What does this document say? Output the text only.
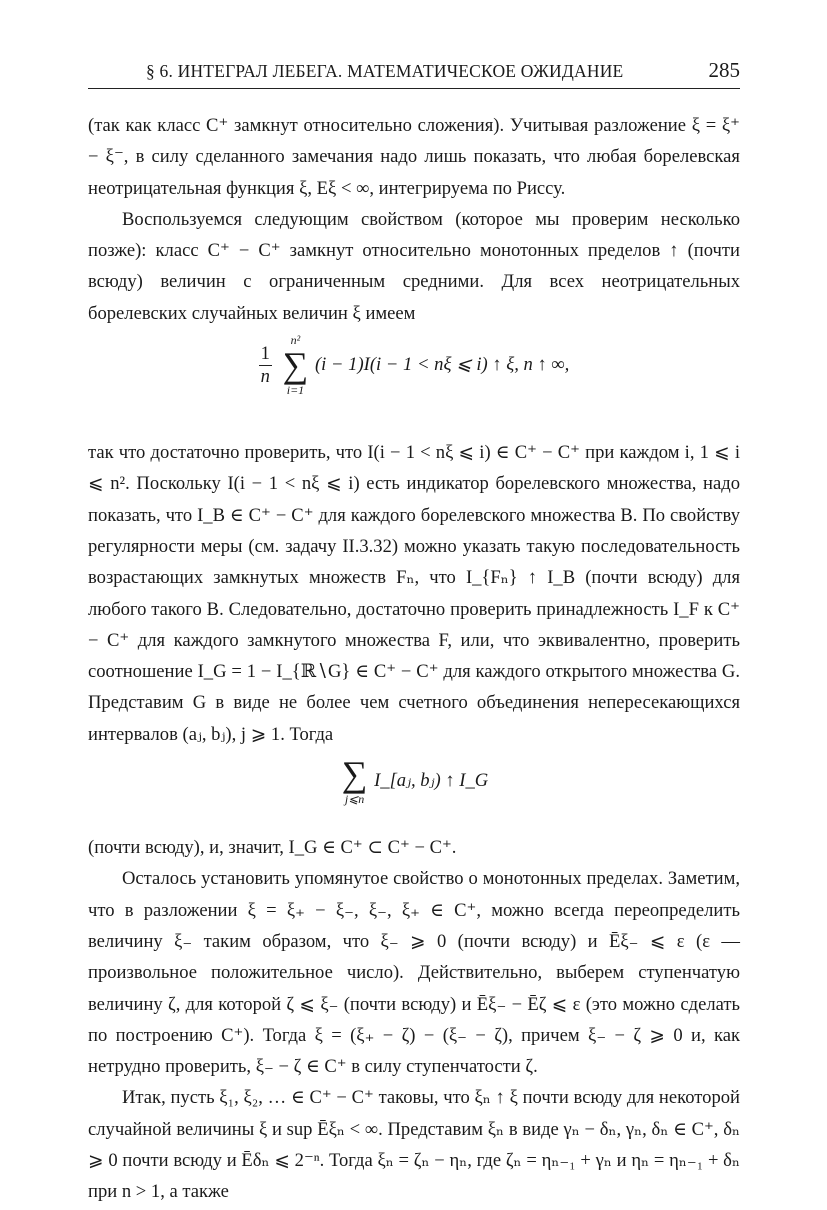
§ 6. ИНТЕГРАЛ ЛЕБЕГА. МАТЕМАТИЧЕСКОЕ ОЖИДАНИЕ	285

(так как класс C⁺ замкнут относительно сложения). Учитывая разложение ξ = ξ⁺ − ξ⁻, в силу сделанного замечания надо лишь показать, что любая борелевская неотрицательная функция ξ, Eξ < ∞, интегрируема по Риссу.

Воспользуемся следующим свойством (которое мы проверим несколько позже): класс C⁺ − C⁺ замкнут относительно монотонных пределов ↑ (почти всюду) величин с ограниченным средними. Для всех неотрицательных борелевских случайных величин ξ имеем

$\frac{1}{n}$

n²
∑
i=1
(i − 1)I(i − 1 < nξ ⩽ i) ↑ ξ, n ↑ ∞,

так что достаточно проверить, что I(i − 1 < nξ ⩽ i) ∈ C⁺ − C⁺ при каждом i, 1 ⩽ i ⩽ n². Поскольку I(i − 1 < nξ ⩽ i) есть индикатор борелевского множества, надо показать, что I_B ∈ C⁺ − C⁺ для каждого борелевского множества B. По свойству регулярности меры (см. задачу II.3.32) можно указать такую последовательность возрастающих замкнутых множеств Fₙ, что I_{Fₙ} ↑ I_B (почти всюду) для любого такого B. Следовательно, достаточно проверить принадлежность I_F к C⁺ − C⁺ для каждого замкнутого множества F, или, что эквивалентно, проверить соотношение I_G = 1 − I_{ℝ∖G} ∈ C⁺ − C⁺ для каждого открытого множества G. Представим G в виде не более чем счетного объединения непересекающихся интервалов (aⱼ, bⱼ), j ⩾ 1. Тогда

∑
j⩽n
I_[aⱼ, bⱼ) ↑ I_G

(почти всюду), и, значит, I_G ∈ C⁺ ⊂ C⁺ − C⁺.

Осталось установить упомянутое свойство о монотонных пределах. Заметим, что в разложении ξ = ξ₊ − ξ₋, ξ₋, ξ₊ ∈ C⁺, можно всегда переопределить величину ξ₋ таким образом, что ξ₋ ⩾ 0 (почти всюду) и Ēξ₋ ⩽ ε (ε — произвольное положительное число). Действительно, выберем ступенчатую величину ζ, для которой ζ ⩽ ξ₋ (почти всюду) и Ēξ₋ − Ēζ ⩽ ε (это можно сделать по построению C⁺). Тогда ξ = (ξ₊ − ζ) − (ξ₋ − ζ), причем ξ₋ − ζ ⩾ 0 и, как нетрудно проверить, ξ₋ − ζ ∈ C⁺ в силу ступенчатости ζ.

Итак, пусть ξ₁, ξ₂, … ∈ C⁺ − C⁺ таковы, что ξₙ ↑ ξ почти всюду для некоторой случайной величины ξ и sup Ēξₙ < ∞. Представим ξₙ в виде γₙ − δₙ, γₙ, δₙ ∈ C⁺, δₙ ⩾ 0 почти всюду и Ēδₙ ⩽ 2⁻ⁿ. Тогда ξₙ = ζₙ − ηₙ, где ζₙ = ηₙ₋₁ + γₙ и ηₙ = ηₙ₋₁ + δₙ при n > 1, а также
